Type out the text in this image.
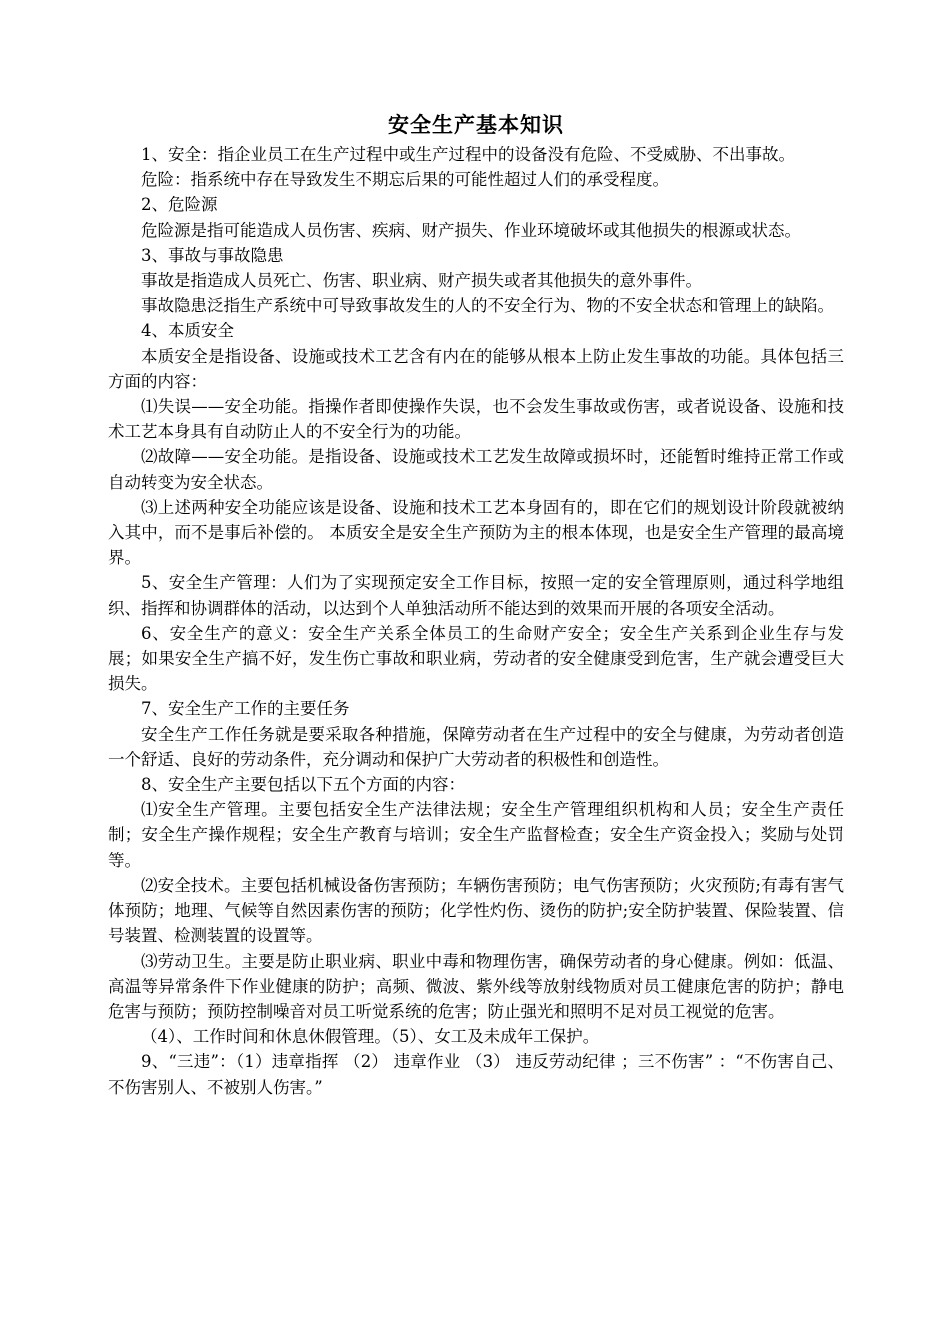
安全生产基本知识

1、安全：指企业员工在生产过程中或生产过程中的设备没有危险、不受威胁、不出事故。

危险：指系统中存在导致发生不期忘后果的可能性超过人们的承受程度。

2、危险源

危险源是指可能造成人员伤害、疾病、财产损失、作业环境破坏或其他损失的根源或状态。

3、事故与事故隐患

事故是指造成人员死亡、伤害、职业病、财产损失或者其他损失的意外事件。

事故隐患泛指生产系统中可导致事故发生的人的不安全行为、物的不安全状态和管理上的缺陷。

4、本质安全

本质安全是指设备、设施或技术工艺含有内在的能够从根本上防止发生事故的功能。具体包括三方面的内容：

⑴失误——安全功能。指操作者即使操作失误，也不会发生事故或伤害，或者说设备、设施和技术工艺本身具有自动防止人的不安全行为的功能。

⑵故障——安全功能。是指设备、设施或技术工艺发生故障或损坏时，还能暂时维持正常工作或自动转变为安全状态。

⑶上述两种安全功能应该是设备、设施和技术工艺本身固有的，即在它们的规划设计阶段就被纳入其中，而不是事后补偿的。 本质安全是安全生产预防为主的根本体现，也是安全生产管理的最高境界。

5、安全生产管理：人们为了实现预定安全工作目标，按照一定的安全管理原则，通过科学地组织、指挥和协调群体的活动，以达到个人单独活动所不能达到的效果而开展的各项安全活动。

6、安全生产的意义：安全生产关系全体员工的生命财产安全；安全生产关系到企业生存与发展；如果安全生产搞不好，发生伤亡事故和职业病，劳动者的安全健康受到危害，生产就会遭受巨大损失。

7、安全生产工作的主要任务

安全生产工作任务就是要采取各种措施，保障劳动者在生产过程中的安全与健康，为劳动者创造一个舒适、良好的劳动条件，充分调动和保护广大劳动者的积极性和创造性。

8、安全生产主要包括以下五个方面的内容：

⑴安全生产管理。主要包括安全生产法律法规；安全生产管理组织机构和人员；安全生产责任制；安全生产操作规程；安全生产教育与培训；安全生产监督检查；安全生产资金投入；奖励与处罚等。

⑵安全技术。主要包括机械设备伤害预防；车辆伤害预防；电气伤害预防；火灾预防;有毒有害气体预防；地理、气候等自然因素伤害的预防；化学性灼伤、烫伤的防护;安全防护装置、保险装置、信号装置、检测装置的设置等。

⑶劳动卫生。主要是防止职业病、职业中毒和物理伤害，确保劳动者的身心健康。例如：低温、高温等异常条件下作业健康的防护；高频、微波、紫外线等放射线物质对员工健康危害的防护；静电危害与预防；预防控制噪音对员工听觉系统的危害；防止强光和照明不足对员工视觉的危害。

（4）、工作时间和休息休假管理。（5）、女工及未成年工保护。

9、“三违”：（1）违章指挥 （2） 违章作业 （3） 违反劳动纪律 ；三不伤害” ：“不伤害自己、不伤害别人、不被别人伤害。”
